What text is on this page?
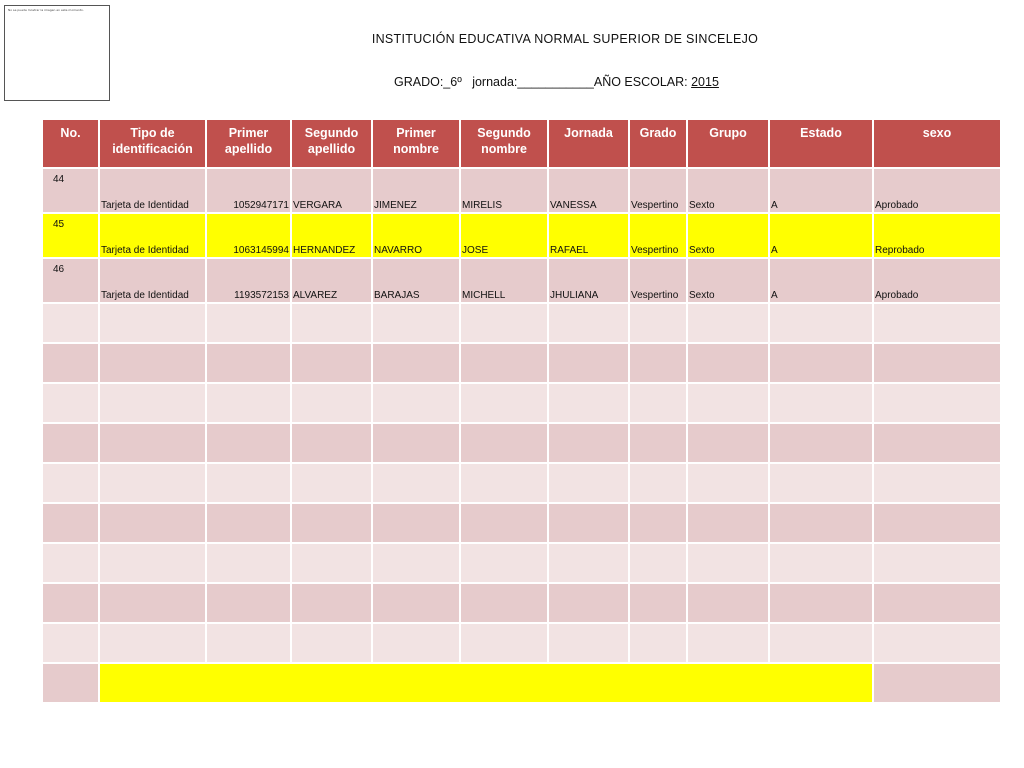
No se puede mostrar la imagen en este momento.
INSTITUCIÓN EDUCATIVA NORMAL SUPERIOR DE SINCELEJO
GRADO:_6º jornada:___________AÑO ESCOLAR: 2015
No.	Tipo de identificación	Primer apellido	Segundo apellido	Primer nombre	Segundo nombre	Jornada	Grado	Grupo	Estado	sexo
44	Tarjeta de Identidad	1052947171	VERGARA	JIMENEZ	MIRELIS	VANESSA	Vespertino	Sexto	A	Aprobado
45	Tarjeta de Identidad	1063145994	HERNANDEZ	NAVARRO	JOSE	RAFAEL	Vespertino	Sexto	A	Reprobado
46	Tarjeta de Identidad	1193572153	ALVAREZ	BARAJAS	MICHELL	JHULIANA	Vespertino	Sexto	A	Aprobado
